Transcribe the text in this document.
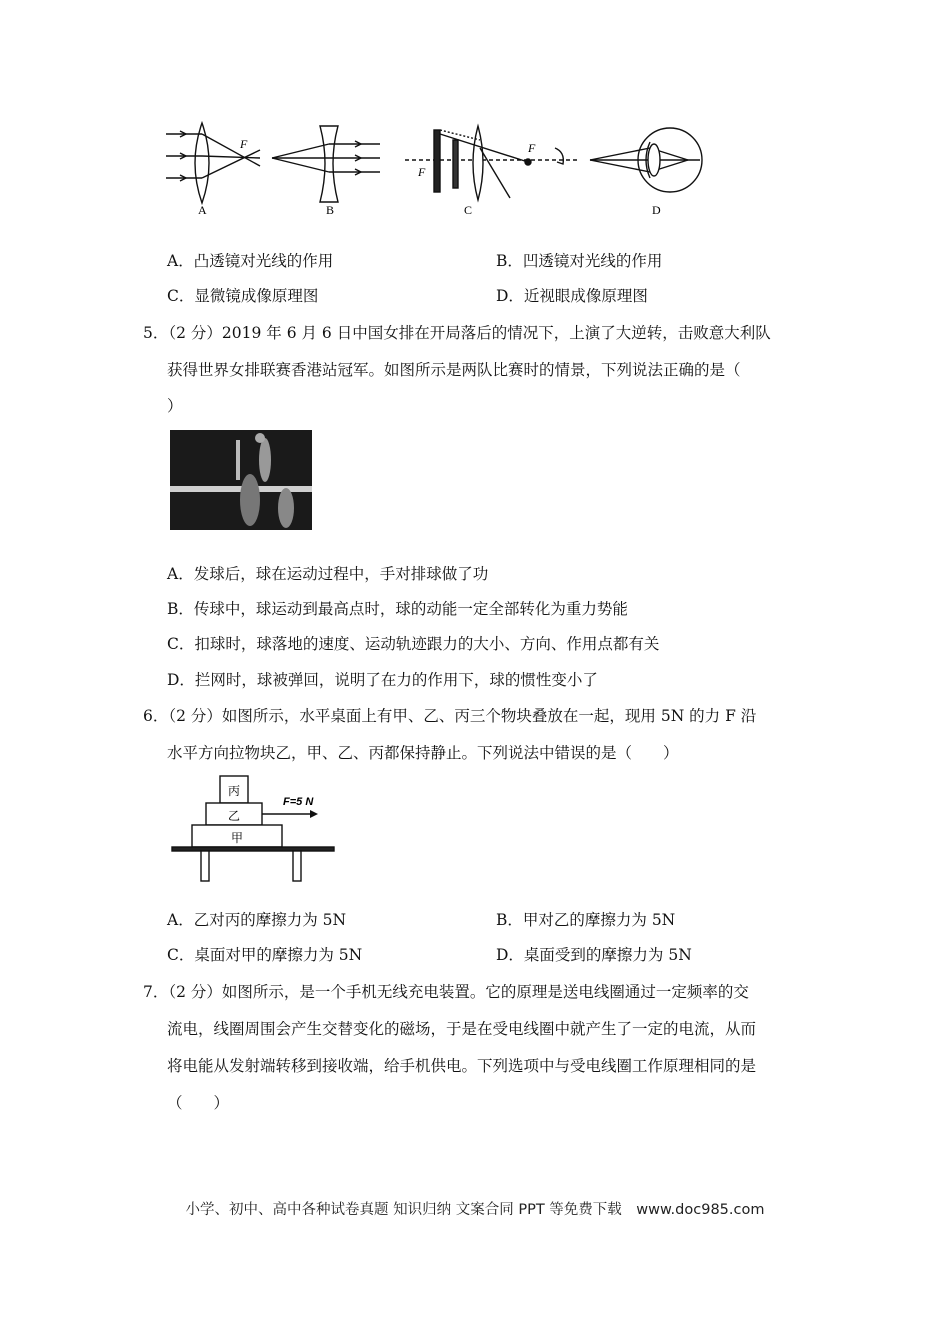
F
F
F
A	B	C	D
A．凸透镜对光线的作用	B．凹透镜对光线的作用
C．显微镜成像原理图	D．近视眼成像原理图
5．（2 分）2019 年 6 月 6 日中国女排在开局落后的情况下，上演了大逆转，击败意大利队
获得世界女排联赛香港站冠军。如图所示是两队比赛时的情景，下列说法正确的是（
）
A．发球后，球在运动过程中，手对排球做了功
B．传球中，球运动到最高点时，球的动能一定全部转化为重力势能
C．扣球时，球落地的速度、运动轨迹跟力的大小、方向、作用点都有关
D．拦网时，球被弹回，说明了在力的作用下，球的惯性变小了
6．（2 分）如图所示，水平桌面上有甲、乙、丙三个物块叠放在一起，现用 5N 的力 F 沿
水平方向拉物块乙，甲、乙、丙都保持静止。下列说法中错误的是（　　）
丙
乙
甲
F=5 N
A．乙对丙的摩擦力为 5N	B．甲对乙的摩擦力为 5N
C．桌面对甲的摩擦力为 5N	D．桌面受到的摩擦力为 5N
7．（2 分）如图所示，是一个手机无线充电装置。它的原理是送电线圈通过一定频率的交
流电，线圈周围会产生交替变化的磁场，于是在受电线圈中就产生了一定的电流，从而
将电能从发射端转移到接收端，给手机供电。下列选项中与受电线圈工作原理相同的是
（　　）
小学、初中、高中各种试卷真题 知识归纳 文案合同 PPT 等免费下载　www.doc985.com
